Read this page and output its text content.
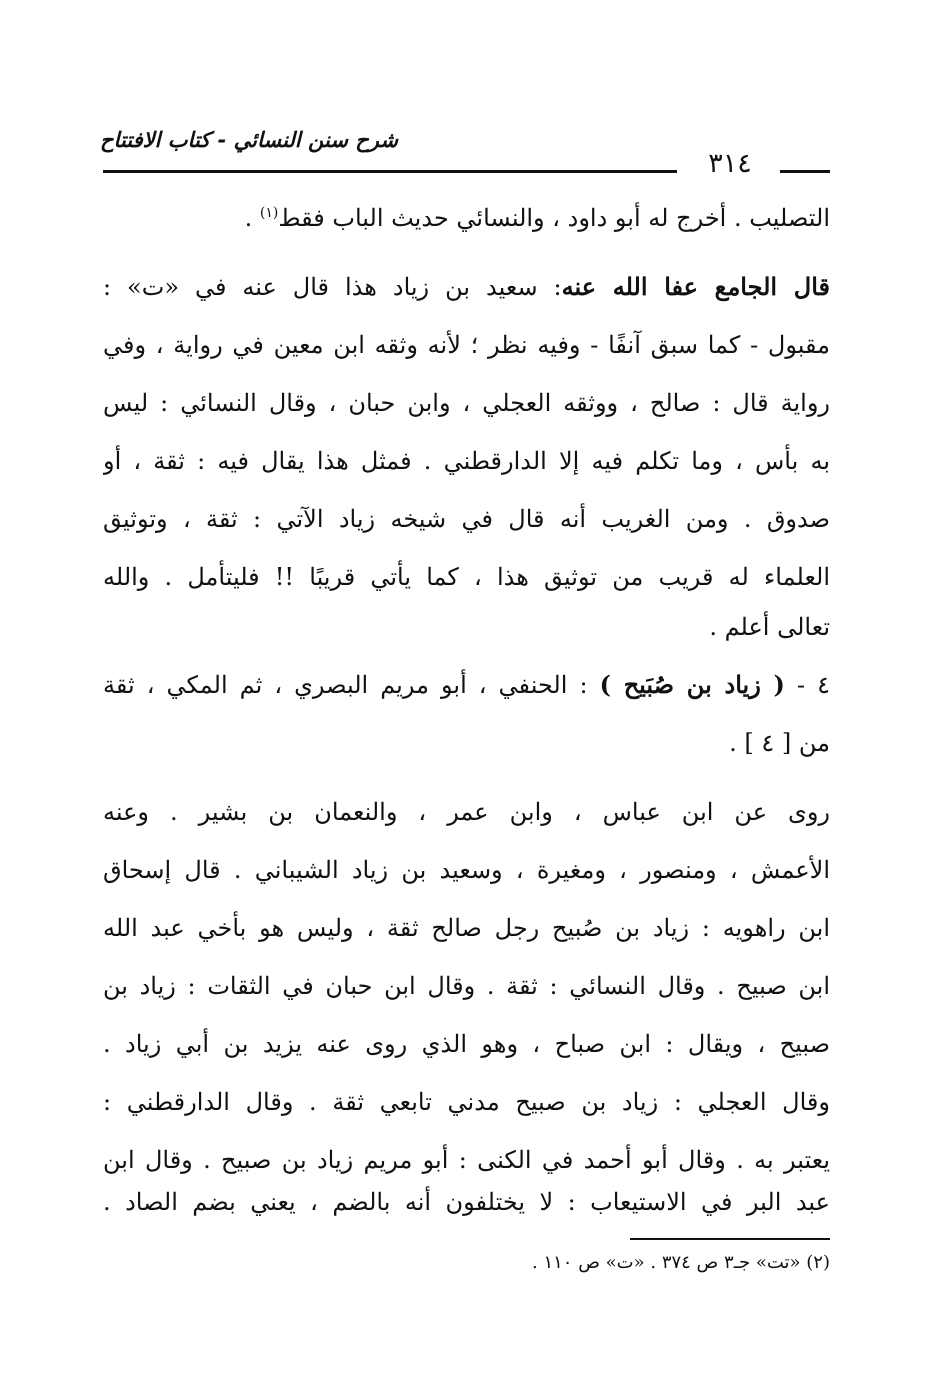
شرح سنن النسائي - كتاب الافتتاح
٣١٤
التصليب . أخرج له أبو داود ، والنسائي حديث الباب فقط$^{(١)}$ .
قال الجامع عفا الله عنه: سعيد بن زياد هذا قال عنه في «ت» :
مقبول - كما سبق آنفًا - وفيه نظر ؛ لأنه وثقه ابن معين في رواية ، وفي
رواية قال : صالح ، ووثقه العجلي ، وابن حبان ، وقال النسائي : ليس
به بأس ، وما تكلم فيه إلا الدارقطني . فمثل هذا يقال فيه : ثقة ، أو
صدوق . ومن الغريب أنه قال في شيخه زياد الآتي : ثقة ، وتوثيق
العلماء له قريب من توثيق هذا ، كما يأتي قريبًا !! فليتأمل . والله
تعالى أعلم .
٤ - ( زياد بن صُبَيح ) : الحنفي ، أبو مريم البصري ، ثم المكي ، ثقة
من [ ٤ ] .
روى عن ابن عباس ، وابن عمر ، والنعمان بن بشير . وعنه
الأعمش ، ومنصور ، ومغيرة ، وسعيد بن زياد الشيباني . قال إسحاق
ابن راهويه : زياد بن صُبيح رجل صالح ثقة ، وليس هو بأخي عبد الله
ابن صبيح . وقال النسائي : ثقة . وقال ابن حبان في الثقات : زياد بن
صبيح ، ويقال : ابن صباح ، وهو الذي روى عنه يزيد بن أبي زياد .
وقال العجلي : زياد بن صبيح مدني تابعي ثقة . وقال الدارقطني :
يعتبر به . وقال أبو أحمد في الكنى : أبو مريم زياد بن صبيح . وقال ابن
عبد البر في الاستيعاب : لا يختلفون أنه بالضم ، يعني بضم الصاد .
(٢) «تت» جـ٣ ص ٣٧٤ . «ت» ص ١١٠ .
